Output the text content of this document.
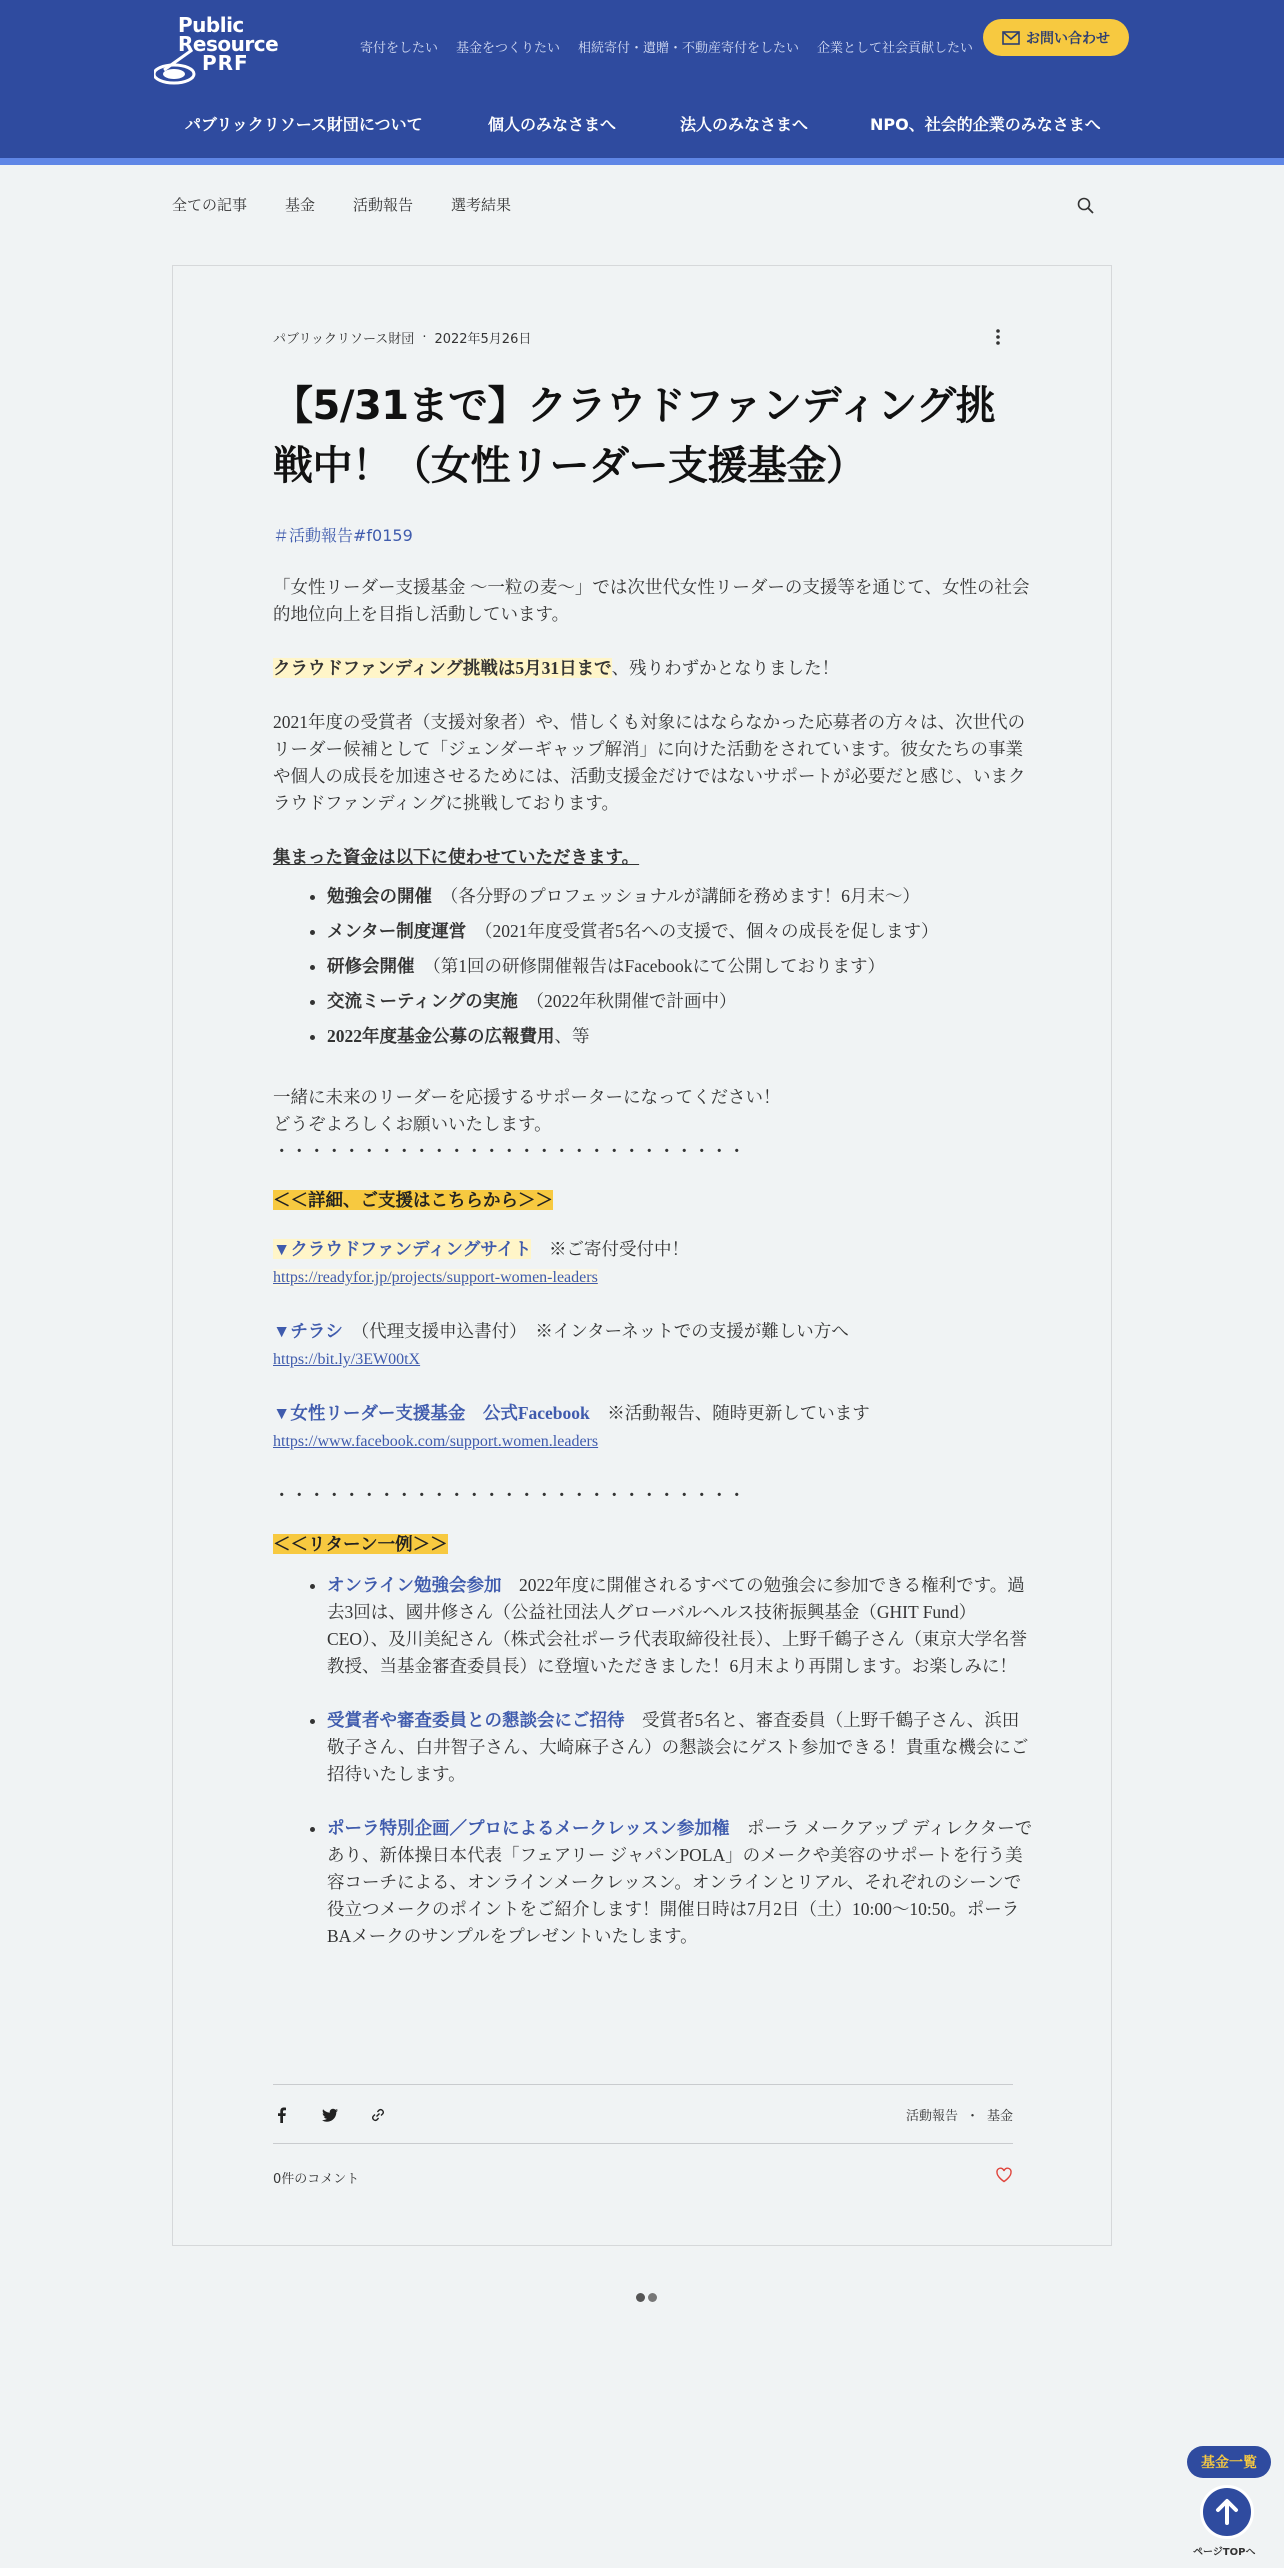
Public
Resource
PRF
寄付をしたい 基金をつくりたい 相続寄付・遺贈・不動産寄付をしたい 企業として社会貢献したい
お問い合わせ
パブリックリソース財団について	個人のみなさまへ	法人のみなさまへ	NPO、社会的企業のみなさまへ
全ての記事	基金	活動報告	選考結果
パブリックリソース財団 · 2022年5月26日
【5/31まで】クラウドファンディング挑戦中！（女性リーダー支援基金）
＃活動報告#f0159

「女性リーダー支援基金 ～一粒の麦～」では次世代女性リーダーの支援等を通じて、女性の社会的地位向上を目指し活動しています。

クラウドファンディング挑戦は5月31日まで、残りわずかとなりました！

2021年度の受賞者（支援対象者）や、惜しくも対象にはならなかった応募者の方々は、次世代のリーダー候補として「ジェンダーギャップ解消」に向けた活動をされています。彼女たちの事業や個人の成長を加速させるためには、活動支援金だけではないサポートが必要だと感じ、いまクラウドファンディングに挑戦しております。

集まった資金は以下に使わせていただきます。

• 勉強会の開催　（各分野のプロフェッショナルが講師を務めます！6月末～）
• メンター制度運営　（2021年度受賞者5名への支援で、個々の成長を促します）
• 研修会開催　（第1回の研修開催報告はFacebookにて公開しております）
• 交流ミーティングの実施　（2022年秋開催で計画中）
• 2022年度基金公募の広報費用、等

一緒に未来のリーダーを応援するサポーターになってください！

どうぞよろしくお願いいたします。

・・・・・・・・・・・・・・・・・・・・・・・・・・・

＜＜詳細、ご支援はこちらから＞＞

▼クラウドファンディングサイト　※ご寄付受付中！

https://readyfor.jp/projects/support-women-leaders

▼チラシ　（代理支援申込書付）　※インターネットでの支援が難しい方へ

https://bit.ly/3EW00tX

▼女性リーダー支援基金　公式Facebook　※活動報告、随時更新しています

https://www.facebook.com/support.women.leaders

・・・・・・・・・・・・・・・・・・・・・・・・・・・

＜＜リターン一例＞＞

• オンライン勉強会参加　2022年度に開催されるすべての勉強会に参加できる権利です。過去3回は、國井修さん（公益社団法人グローバルヘルス技術振興基金（GHIT Fund）CEO）、及川美紀さん（株式会社ポーラ代表取締役社長）、上野千鶴子さん（東京大学名誉教授、当基金審査委員長）に登壇いただきました！6月末より再開します。お楽しみに！
• 受賞者や審査委員との懇談会にご招待　受賞者5名と、審査委員（上野千鶴子さん、浜田敬子さん、白井智子さん、大崎麻子さん）の懇談会にゲスト参加できる！貴重な機会にご招待いたします。
• ポーラ特別企画／プロによるメークレッスン参加権　ポーラ メークアップ ディレクターであり、新体操日本代表「フェアリー ジャパンPOLA」のメークや美容のサポートを行う美容コーチによる、オンラインメークレッスン。オンラインとリアル、それぞれのシーンで役立つメークのポイントをご紹介します！開催日時は7月2日（土）10:00～10:50。ポーラBAメークのサンプルをプレゼントいたします。
活動報告 ・ 基金
0件のコメント
基金一覧
ページTOPへ
